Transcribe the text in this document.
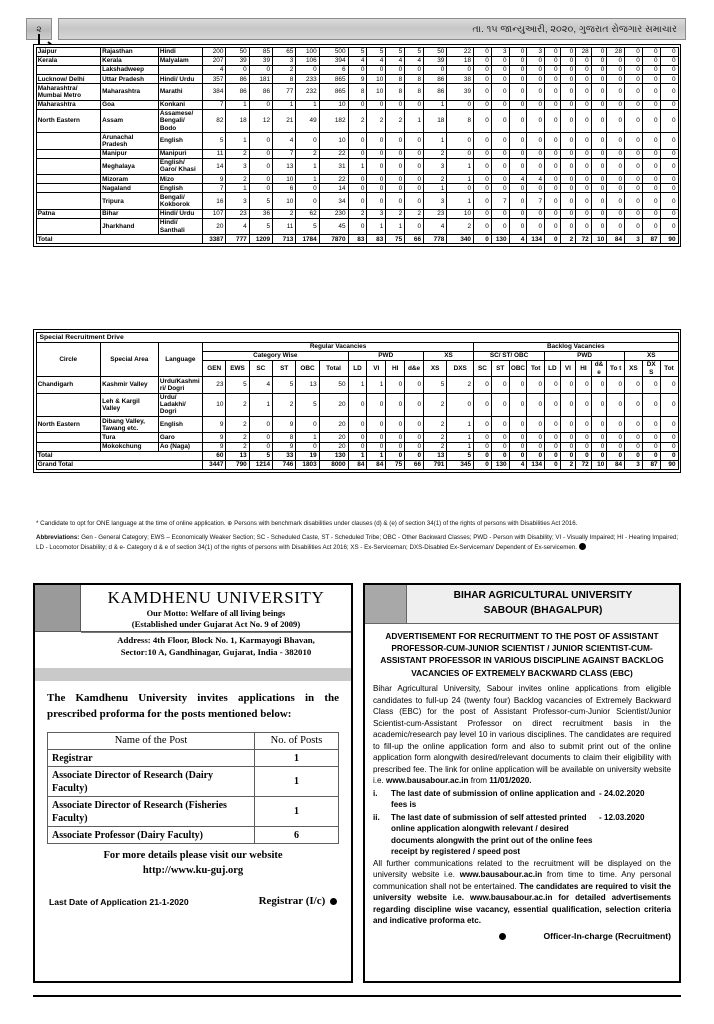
૨	તા. ૧૫ જાન્યુઆરી, ૨૦૨૦, ગુજરાત રોજગાર સમાચાર
Jaipur	Rajasthan	Hindi	200	50	85	65	100	500	5	5	5	5	50	22	0	3	0	3	0	0	28	0	28	0	0	0
Kerala	Kerala	Malyalam	207	39	39	3	106	394	4	4	4	4	39	18	0	0	0	0	0	0	0	0	0	0	0	0
	Lakshadweep		4	0	0	2	0	6	0	0	0	0	0	0	0	0	0	0	0	0	0	0	0	0	0	0
Lucknow/ Delhi	Uttar Pradesh	Hindi/ Urdu	357	86	181	8	233	865	9	10	8	8	86	38	0	0	0	0	0	0	0	0	0	0	0	0
Maharashtra/ Mumbai Metro	Maharashtra	Marathi	384	86	86	77	232	865	8	10	8	8	86	39	0	0	0	0	0	0	0	0	0	0	0	0
Maharashtra	Goa	Konkani	7	1	0	1	1	10	0	0	0	0	1	0	0	0	0	0	0	0	0	0	0	0	0	0
North Eastern	Assam	Assamese/ Bengali/ Bodo	82	18	12	21	49	182	2	2	2	1	18	8	0	0	0	0	0	0	0	0	0	0	0	0
	Arunachal Pradesh	English	5	1	0	4	0	10	0	0	0	0	1	0	0	0	0	0	0	0	0	0	0	0	0	0
	Manipur	Manipuri	11	2	0	7	2	22	0	0	0	0	2	0	0	0	0	0	0	0	0	0	0	0	0	0
	Meghalaya	English/ Garo/ Khasi	14	3	0	13	1	31	1	0	0	0	3	1	0	0	0	0	0	0	0	0	0	0	0	0
	Mizoram	Mizo	9	2	0	10	1	22	0	0	0	0	2	1	0	0	4	4	0	0	0	0	0	0	0	0
	Nagaland	English	7	1	0	6	0	14	0	0	0	0	1	0	0	0	0	0	0	0	0	0	0	0	0	0
	Tripura	Bengali/ Kokborok	16	3	5	10	0	34	0	0	0	0	3	1	0	7	0	7	0	0	0	0	0	0	0	0
Patna	Bihar	Hindi/ Urdu	107	23	36	2	62	230	2	3	2	2	23	10	0	0	0	0	0	0	0	0	0	0	0	0
	Jharkhand	Hindi/ Santhali	20	4	5	11	5	45	0	1	1	0	4	2	0	0	0	0	0	0	0	0	0	0	0	0
Total			3387	777	1209	713	1784	7870	83	83	75	66	778	340	0	130	4	134	0	2	72	10	84	3	87	90
Special Recruitment Drive
Circle	Special Area	Language	Regular Vacancies												Backlog Vacancies											
			Category Wise						PWD				XS		SC/ ST/ OBC				PWD					XS		
			GEN	EWS	SC	ST	OBC	Total	LD	VI	HI	d&e	XS	DXS	SC	ST	OBC	Tot	LD	VI	HI	d& e	To t	XS	DX S	Tot
Chandigarh	Kashmir Valley	Urdu/Kashmiri/ Dogri	23	5	4	5	13	50	1	1	0	0	5	2	0	0	0	0	0	0	0	0	0	0	0	0
	Leh & Kargil Valley	Urdu/ Ladakhi/ Dogri	10	2	1	2	5	20	0	0	0	0	2	0	0	0	0	0	0	0	0	0	0	0	0	0
North Eastern	Dibang Valley, Tawang etc.	English	9	2	0	9	0	20	0	0	0	0	2	1	0	0	0	0	0	0	0	0	0	0	0	0
	Tura	Garo	9	2	0	8	1	20	0	0	0	0	2	1	0	0	0	0	0	0	0	0	0	0	0	0
	Mokokchung	Ao (Naga)	9	2	0	9	0	20	0	0	0	0	2	1	0	0	0	0	0	0	0	0	0	0	0	0
Total			60	13	5	33	19	130	1	1	0	0	13	5	0	0	0	0	0	0	0	0	0	0	0	0
Grand Total			3447	790	1214	746	1803	8000	84	84	75	66	791	345	0	130	4	134	0	2	72	10	84	3	87	90

* Candidate to opt for ONE language at the time of online application. ⊕ Persons with benchmark disabilities under clauses (d) & (e) of section 34(1) of the rights of persons with Disabilities Act 2016.

Abbreviations: Gen - General Category; EWS – Economically Weaker Section; SC - Scheduled Caste, ST - Scheduled Tribe; OBC - Other Backward Classes; PWD - Person with Disability; VI - Visually Impaired; HI - Hearing Impaired; LD - Locomotor Disability; d & e- Category d & e of section 34(1) of the rights of persons with Disabilities Act 2016; XS - Ex-Serviceman; DXS-Disabled Ex-Serviceman/ Dependent of Ex-servicemen.

KAMDHENU UNIVERSITY
Our Motto: Welfare of all living beings
(Established under Gujarat Act No. 9 of 2009)
Address: 4th Floor, Block No. 1, Karmayogi Bhavan,
Sector:10 A, Gandhinagar, Gujarat, India - 382010
The Kamdhenu University invites applications in the prescribed proforma for the posts mentioned below:
Name of the Post	No. of Posts
Registrar	1
Associate Director of Research (Dairy Faculty)	1
Associate Director of Research (Fisheries Faculty)	1
Associate Professor (Dairy Faculty)	6
For more details please visit our website
http://www.ku-guj.org
Last Date of Application 21-1-2020	Registrar (I/c)
BIHAR AGRICULTURAL UNIVERSITY
SABOUR (BHAGALPUR)
ADVERTISEMENT FOR RECRUITMENT TO THE POST OF ASSISTANT PROFESSOR-CUM-JUNIOR SCIENTIST / JUNIOR SCIENTIST-CUM-ASSISTANT PROFESSOR IN VARIOUS DISCIPLINE AGAINST BACKLOG VACANCIES OF EXTREMELY BACKWARD CLASS (EBC)
Bihar Agricultural University, Sabour invites online applications from eligible candidates to full-up 24 (twenty four) Backlog vacancies of Extremely Backward Class (EBC) for the post of Assistant Professor-cum-Junior Scientist/Junior Scientist-cum-Assistant Professor on direct recruitment basis in the academic/research pay level 10 in various disciplines. The candidates are required to fill-up the online application form and also to submit print out of the online application form alongwith desired/relevant documents to claim their eligibility with prescribed fee. The link for online application will be available on university website i.e. www.bausabour.ac.in from 11/01/2020.
i.	The last date of submission of online application and fees is
- 24.02.2020
ii.	The last date of submission of self attested printed online application alongwith relevant / desired documents alongwith the print out of the online fees receipt by registered / speed post
- 12.03.2020
All further communications related to the recruitment will be displayed on the university website i.e. www.bausabour.ac.in from time to time. Any personal communication shall not be entertained. The candidates are required to visit the university website i.e. www.bausabour.ac.in for detailed advertisements regarding discipline wise vacancy, essential qualification, selection criteria and indicative proforma etc.
Officer-In-charge (Recruitment)
